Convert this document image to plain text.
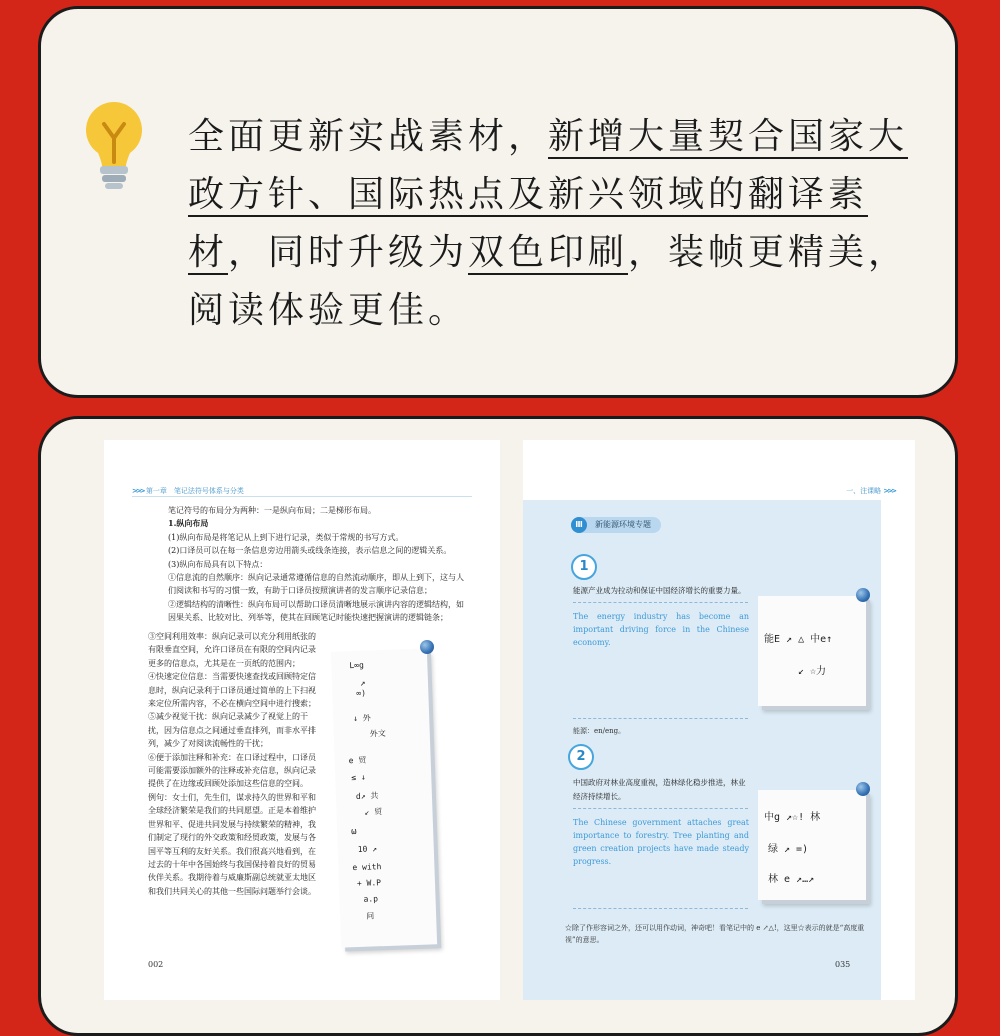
全面更新实战素材，新增大量契合国家大政方针、国际热点及新兴领域的翻译素材，同时升级为双色印刷，装帧更精美，阅读体验更佳。
>>> 第一章　笔记法符号体系与分类
笔记符号的布局分为两种：一是纵向布局；二是梯形布局。
1.纵向布局
(1)纵向布局是将笔记从上到下进行记录，类似于常规的书写方式。
(2)口译员可以在每一条信息旁边用箭头或线条连接，表示信息之间的逻辑关系。
(3)纵向布局具有以下特点：
①信息流的自然顺序：纵向记录通常遵循信息的自然流动顺序，即从上到下，这与人们阅读和书写的习惯一致，有助于口译员按照演讲者的发言顺序记录信息；
②逻辑结构的清晰性：纵向布局可以帮助口译员清晰地展示演讲内容的逻辑结构，如因果关系、比较对比、列举等，使其在回顾笔记时能快速把握演讲的逻辑链条；
③空间利用效率：纵向记录可以充分利用纸张的有限垂直空间，允许口译员在有限的空间内记录更多的信息点，尤其是在一页纸的范围内；
④快速定位信息：当需要快速查找或回顾特定信息时，纵向记录利于口译员通过简单的上下扫视来定位所需内容，不必在横向空间中进行搜索；
⑤减少视觉干扰：纵向记录减少了视觉上的干扰，因为信息点之间通过垂直排列，而非水平排列，减少了对阅读流畅性的干扰；
⑥便于添加注释和补充：在口译过程中，口译员可能需要添加额外的注释或补充信息，纵向记录提供了在边缘或回顾处添加这些信息的空间。
例句：女士们，先生们，谋求持久的世界和平和全球经济繁荣是我们的共同愿望。正是本着维护世界和平、促进共同发展与持续繁荣的精神，我们制定了现行的外交政策和经贸政策，发展与各国平等互利的友好关系。我们很高兴地看到，在过去的十年中各国始终与我国保持着良好的贸易伙伴关系。我期待着与威廉斯副总统就亚太地区和我们共同关心的其他一些国际问题举行会谈。
002
L∞g
↗
∞)
↓ 外
外文
e 贸
≤ ↓
d↗ 共
↙ 贸
ω
10 ↗
e with
+ W.P
a.p
问
一、注课略 >>>
035
新能源环境专题
Ⅲ
1
能源产业成为拉动和保证中国经济增长的重要力量。
The energy industry has become an important driving force in the Chinese economy.
能源：en/eng。
能E ↗ △ 中e↑
↙ ☆力
2
中国政府对林业高度重视，造林绿化稳步推进，林业经济持续增长。
The Chinese government attaches great importance to forestry. Tree planting and green creation projects have made steady progress.
中g ↗☆! 林
绿 ↗ =)
林 e ↗…↗
☆除了作形容词之外，还可以用作动词，神奇吧！看笔记中的 e ↗△!，这里☆表示的就是“高度重视”的意思。
